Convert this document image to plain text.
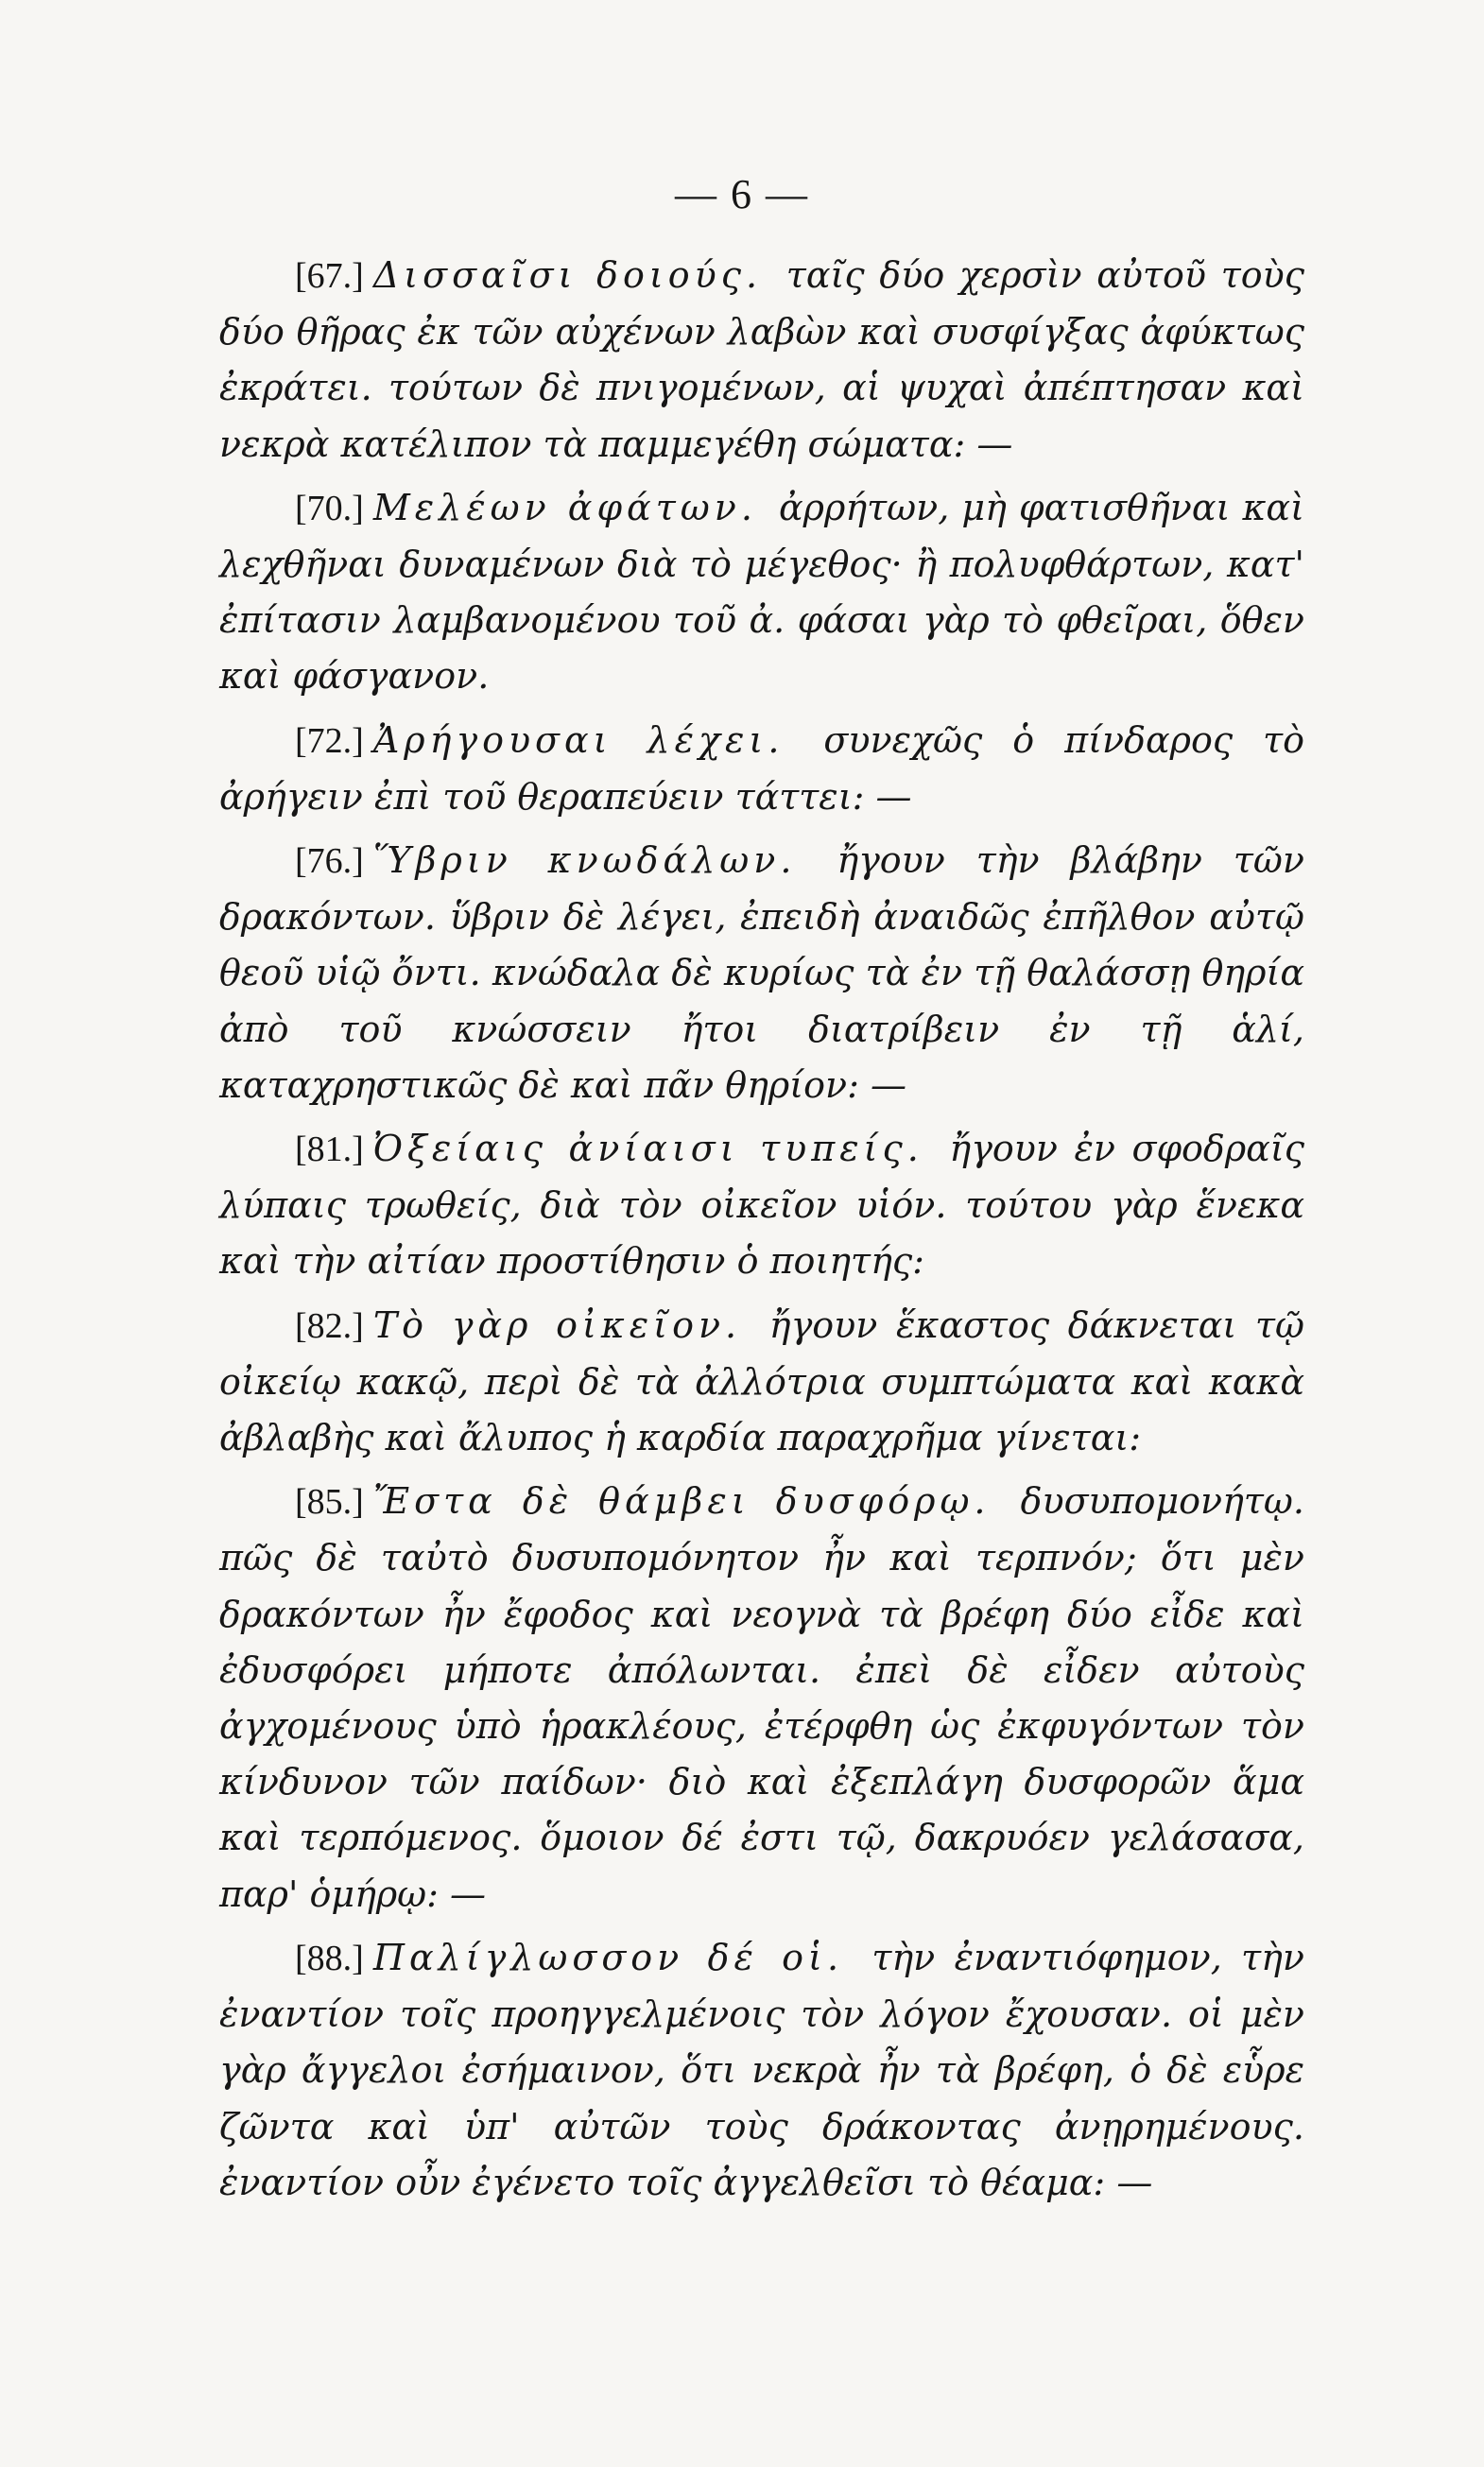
— 6 —

[67.] Δισσαῖσι δοιούς. ταῖς δύο χερσὶν αὐτοῦ τοὺς δύο θῆρας ἐκ τῶν αὐχένων λαβὼν καὶ συσφίγξας ἀφύκτως ἐκράτει. τούτων δὲ πνιγομένων, αἱ ψυχαὶ ἀπέπτησαν καὶ νεκρὰ κατέλιπον τὰ παμμεγέθη σώματα: —

[70.] Μελέων ἀφάτων. ἀρρήτων, μὴ φατισθῆναι καὶ λεχθῆναι δυναμένων διὰ τὸ μέγεθος· ἢ πολυφθάρτων, κατ' ἐπίτασιν λαμβανομένου τοῦ ἀ. φάσαι γὰρ τὸ φθεῖραι, ὅθεν καὶ φάσγανον.

[72.] Ἀρήγουσαι λέχει. συνεχῶς ὁ πίνδαρος τὸ ἀρήγειν ἐπὶ τοῦ θεραπεύειν τάττει: —

[76.] Ὕβριν κνωδάλων. ἤγουν τὴν βλάβην τῶν δρακόντων. ὕβριν δὲ λέγει, ἐπειδὴ ἀναιδῶς ἐπῆλθον αὐτῷ θεοῦ υἱῷ ὄντι. κνώδαλα δὲ κυρίως τὰ ἐν τῇ θαλάσσῃ θηρία ἀπὸ τοῦ κνώσσειν ἤτοι διατρίβειν ἐν τῇ ἁλί, καταχρηστικῶς δὲ καὶ πᾶν θηρίον: —

[81.] Ὀξείαις ἀνίαισι τυπείς. ἤγουν ἐν σφοδραῖς λύπαις τρωθείς, διὰ τὸν οἰκεῖον υἱόν. τούτου γὰρ ἕνεκα καὶ τὴν αἰτίαν προστίθησιν ὁ ποιητής:

[82.] Τὸ γὰρ οἰκεῖον. ἤγουν ἕκαστος δάκνεται τῷ οἰκείῳ κακῷ, περὶ δὲ τὰ ἀλλότρια συμπτώματα καὶ κακὰ ἀβλαβὴς καὶ ἄλυπος ἡ καρδία παραχρῆμα γίνεται:

[85.] Ἔστα δὲ θάμβει δυσφόρῳ. δυσυπομονήτῳ. πῶς δὲ ταὐτὸ δυσυπομόνητον ἦν καὶ τερπνόν; ὅτι μὲν δρακόντων ἦν ἔφοδος καὶ νεογνὰ τὰ βρέφη δύο εἶδε καὶ ἐδυσφόρει μήποτε ἀπόλωνται. ἐπεὶ δὲ εἶδεν αὐτοὺς ἀγχομένους ὑπὸ ἡρακλέους, ἐτέρφθη ὡς ἐκφυγόντων τὸν κίνδυνον τῶν παίδων· διὸ καὶ ἐξεπλάγη δυσφορῶν ἅμα καὶ τερπόμενος. ὅμοιον δέ ἐστι τῷ, δακρυόεν γελάσασα, παρ' ὁμήρῳ: —

[88.] Παλίγλωσσον δέ οἱ. τὴν ἐναντιόφημον, τὴν ἐναντίον τοῖς προηγγελμένοις τὸν λόγον ἔχουσαν. οἱ μὲν γὰρ ἄγγελοι ἐσήμαινον, ὅτι νεκρὰ ἦν τὰ βρέφη, ὁ δὲ εὗρε ζῶντα καὶ ὑπ' αὐτῶν τοὺς δράκοντας ἀνῃρημένους. ἐναντίον οὖν ἐγένετο τοῖς ἀγγελθεῖσι τὸ θέαμα: —
